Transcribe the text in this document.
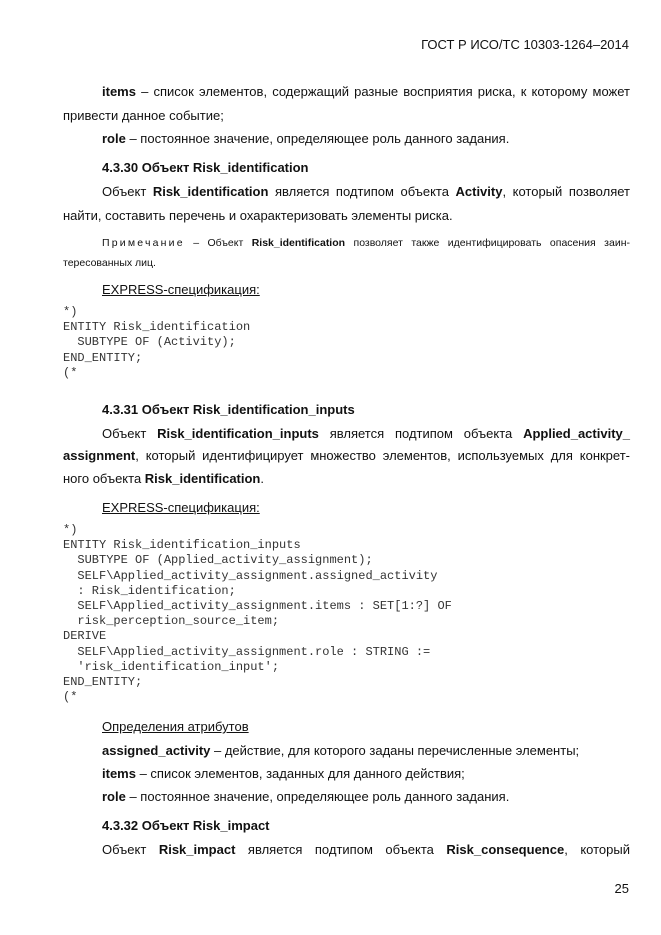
ГОСТ Р ИСО/ТС 10303-1264–2014
items – список элементов, содержащий разные восприятия риска, к которому может
привести данное событие;
role – постоянное значение, определяющее роль данного задания.
4.3.30 Объект Risk_identification
Объект Risk_identification является подтипом объекта Activity, который позволяет
найти, составить перечень и охарактеризовать элементы риска.
Примечание – Объект Risk_identification позволяет также идентифицировать опасения заин-
тересованных лиц.
EXPRESS-спецификация:
*)
ENTITY Risk_identification
SUBTYPE OF (Activity);
END_ENTITY;
(*
4.3.31 Объект Risk_identification_inputs
Объект Risk_identification_inputs является подтипом объекта Applied_activity_
assignment, который идентифицирует множество элементов, используемых для конкрет-
ного объекта Risk_identification.
EXPRESS-спецификация:
*)
ENTITY Risk_identification_inputs
SUBTYPE OF (Applied_activity_assignment);
SELF\Applied_activity_assignment.assigned_activity
: Risk_identification;
SELF\Applied_activity_assignment.items : SET[1:?] OF
risk_perception_source_item;
DERIVE
SELF\Applied_activity_assignment.role : STRING :=
'risk_identification_input';
END_ENTITY;
(*
Определения атрибутов
assigned_activity – действие, для которого заданы перечисленные элементы;
items – список элементов, заданных для данного действия;
role – постоянное значение, определяющее роль данного задания.
4.3.32 Объект Risk_impact
Объект Risk_impact является подтипом объекта Risk_consequence, который
25
